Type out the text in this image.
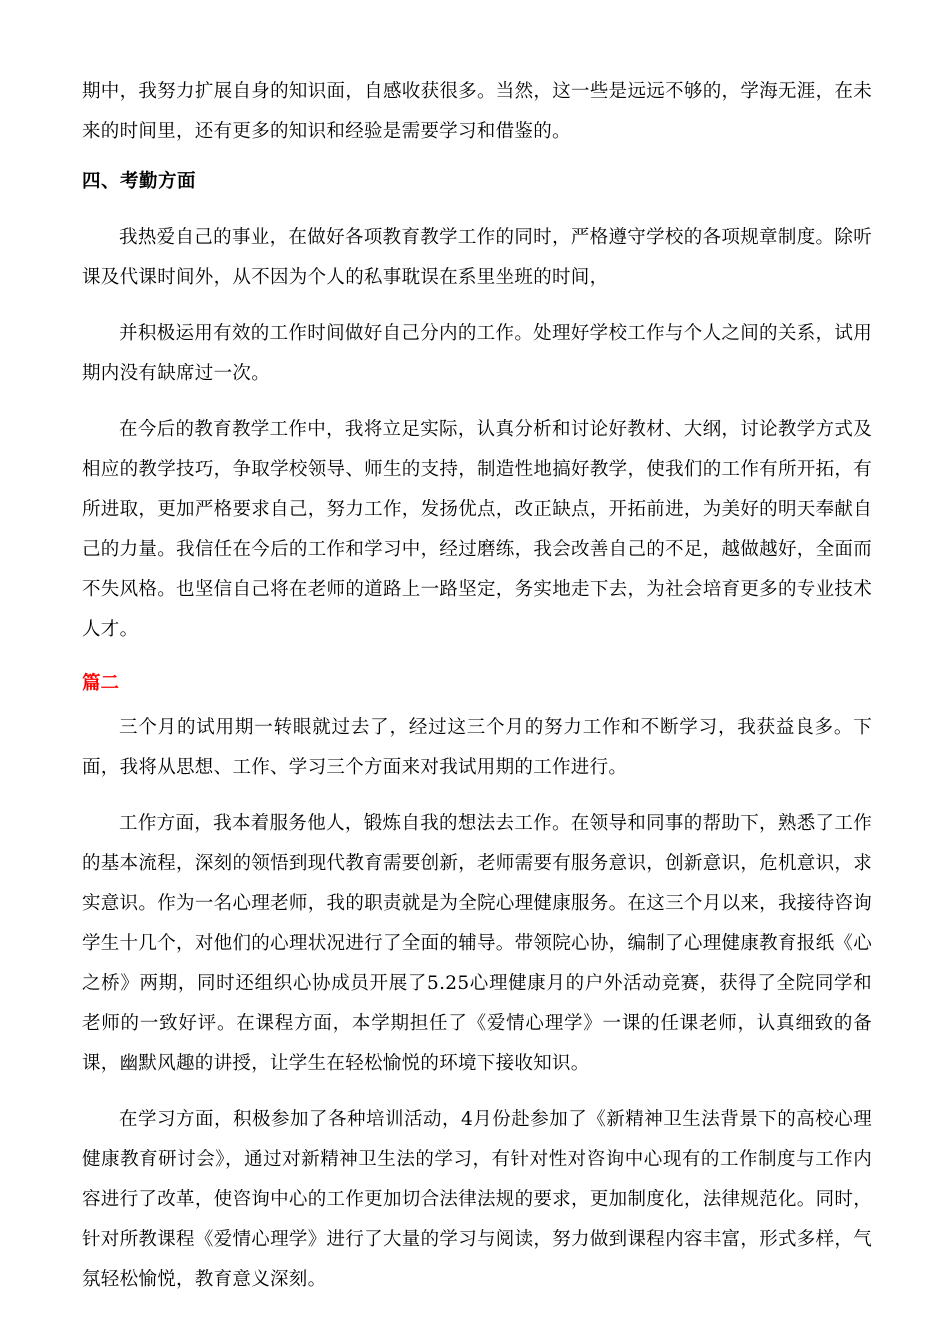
期中，我努力扩展自身的知识面，自感收获很多。当然，这一些是远远不够的，学海无涯，在未来的时间里，还有更多的知识和经验是需要学习和借鉴的。

四、考勤方面

我热爱自己的事业，在做好各项教育教学工作的同时，严格遵守学校的各项规章制度。除听课及代课时间外，从不因为个人的私事耽误在系里坐班的时间，

并积极运用有效的工作时间做好自己分内的工作。处理好学校工作与个人之间的关系，试用期内没有缺席过一次。

在今后的教育教学工作中，我将立足实际，认真分析和讨论好教材、大纲，讨论教学方式及相应的教学技巧，争取学校领导、师生的支持，制造性地搞好教学，使我们的工作有所开拓，有所进取，更加严格要求自己，努力工作，发扬优点，改正缺点，开拓前进，为美好的明天奉献自己的力量。我信任在今后的工作和学习中，经过磨练，我会改善自己的不足，越做越好，全面而不失风格。也坚信自己将在老师的道路上一路坚定，务实地走下去，为社会培育更多的专业技术人才。

篇二

三个月的试用期一转眼就过去了，经过这三个月的努力工作和不断学习，我获益良多。下面，我将从思想、工作、学习三个方面来对我试用期的工作进行。

工作方面，我本着服务他人，锻炼自我的想法去工作。在领导和同事的帮助下，熟悉了工作的基本流程，深刻的领悟到现代教育需要创新，老师需要有服务意识，创新意识，危机意识，求实意识。作为一名心理老师，我的职责就是为全院心理健康服务。在这三个月以来，我接待咨询学生十几个，对他们的心理状况进行了全面的辅导。带领院心协，编制了心理健康教育报纸《心之桥》两期，同时还组织心协成员开展了5.25心理健康月的户外活动竞赛，获得了全院同学和老师的一致好评。在课程方面，本学期担任了《爱情心理学》一课的任课老师，认真细致的备课，幽默风趣的讲授，让学生在轻松愉悦的环境下接收知识。

在学习方面，积极参加了各种培训活动，4月份赴参加了《新精神卫生法背景下的高校心理健康教育研讨会》，通过对新精神卫生法的学习，有针对性对咨询中心现有的工作制度与工作内容进行了改革，使咨询中心的工作更加切合法律法规的要求，更加制度化，法律规范化。同时，针对所教课程《爱情心理学》进行了大量的学习与阅读，努力做到课程内容丰富，形式多样，气氛轻松愉悦，教育意义深刻。
